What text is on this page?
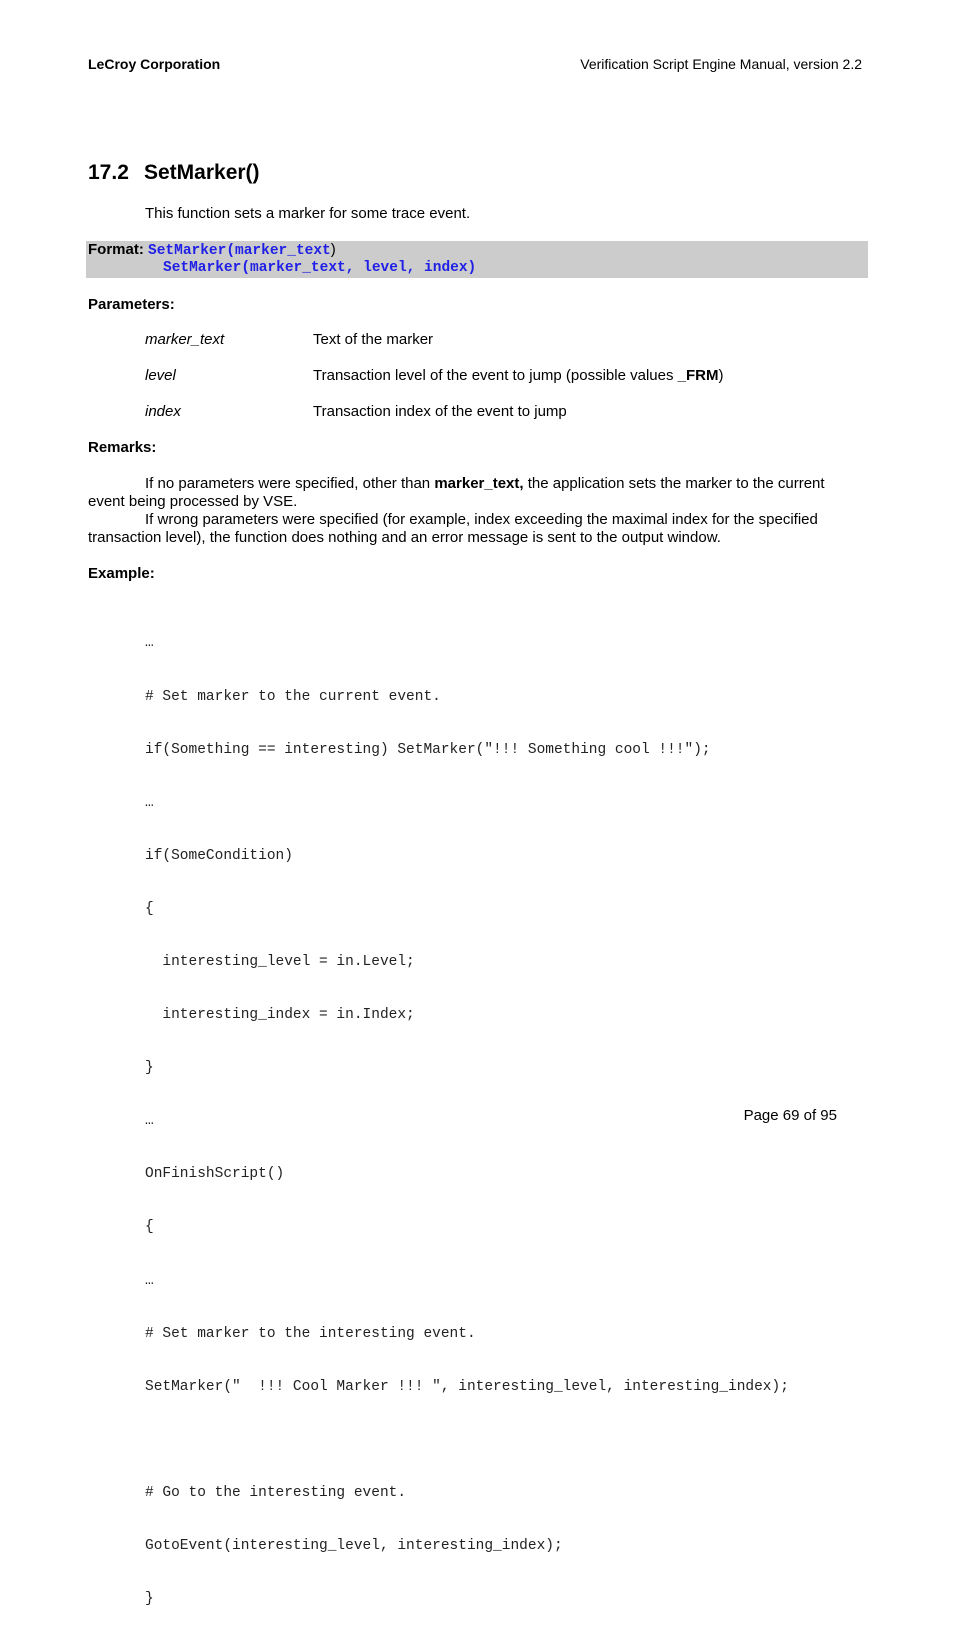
LeCroy Corporation	Verification Script Engine Manual, version 2.2
17.2 SetMarker()
This function sets a marker for some trace event.
Format: SetMarker(marker_text)
SetMarker(marker_text, level, index)
Parameters:
marker_text	Text of the marker
level	Transaction level of the event to jump (possible values _FRM)
index	Transaction index of the event to jump
Remarks:
If no parameters were specified, other than marker_text, the application sets the marker to the current event being processed by VSE.
If wrong parameters were specified (for example, index exceeding the maximal index for the specified transaction level), the function does nothing and an error message is sent to the output window.
Example:

…

# Set marker to the current event.

if(Something == interesting) SetMarker("!!! Something cool !!!");

…

if(SomeCondition)

{

interesting_level = in.Level;

interesting_index = in.Index;

}

…

OnFinishScript()

{

…

# Set marker to the interesting event.

SetMarker("  !!! Cool Marker !!! ", interesting_level, interesting_index);

# Go to the interesting event.

GotoEvent(interesting_level, interesting_index);

}

Page 69 of 95
